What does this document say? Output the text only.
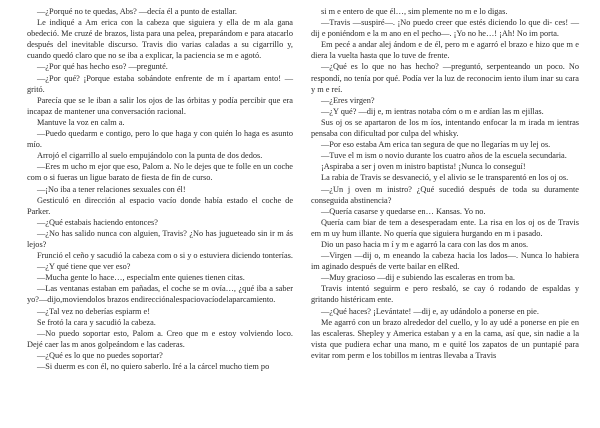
—¿Porqué no te quedas, Abs? —decía él a punto de estallar.

Le indiqué a Am erica con la cabeza que siguiera y ella de m ala gana obedeció. Me cruzé de brazos, lista para una pelea, preparándom e para atacarlo después del inevitable discurso. Travis dio varias caladas a su cigarrillo y, cuando quedó claro que no se iba a explicar, la paciencia se m e agotó.

—¿Por qué has hecho eso? —pregunté.

—¿Por qué? ¡Porque estaba sobándote enfrente de m í apartam ento! —gritó.

Parecía que se le iban a salir los ojos de las órbitas y podía percibir que era incapaz de mantener una conversación racional.

Mantuve la voz en calm a.

—Puedo quedarm e contigo, pero lo que haga y con quién lo haga es asunto mío.

Arrojó el cigarrillo al suelo empujándolo con la punta de dos dedos.

—Eres m ucho m ejor que eso, Palom a. No le dejes que te folle en un coche com o si fueras un ligue barato de fiesta de fin de curso.

—¡No iba a tener relaciones sexuales con él!

Gesticuló en dirección al espacio vacío donde había estado el coche de Parker.

—¿Qué estabais haciendo entonces?

—¿No has salido nunca con alguien, Travis? ¿No has jugueteado sin ir m ás lejos?

Frunció el ceño y sacudió la cabeza com o si y o estuviera diciendo tonterías.

—¿Y qué tiene que ver eso?

—Mucha gente lo hace…, especialm ente quienes tienen citas.

—Las ventanas estaban em pañadas, el coche se m ovía…, ¿qué iba a saber yo?—dijo,moviendolos brazos endirecciónalespaciovacíodelaparcamiento.

—¿Tal vez no deberías espiarm e!

Se frotó la cara y sacudió la cabeza.

—No puedo soportar esto, Palom a. Creo que m e estoy volviendo loco. Dejé caer las m anos golpeándom e las caderas.

—¿Qué es lo que no puedes soportar?

—Si duerm es con él, no quiero saberlo. Iré a la cárcel mucho tiem po

si m e entero de que él…, sim plemente no m e lo digas.

—Travis —suspiré—. ¡No puedo creer que estés diciendo lo que di- ces! —dij e poniéndom e la m ano en el pecho—. ¡Yo no he…! ¡Ah! No im porta.

Em pecé a andar alej ándom e de él, pero m e agarró el brazo e hizo que m e diera la vuelta hasta que lo tuve de frente.

—¿Qué es lo que no has hecho? —preguntó, serpenteando un poco. No respondí, no tenía por qué. Podía ver la luz de reconocim iento ilum inar su cara y m e reí.

—¿Eres virgen?

—¿Y qué? —dij e, m ientras notaba cóm o m e ardían las m ejillas.

Sus oj os se apartaron de los m íos, intentando enfocar la m irada m ientras pensaba con dificultad por culpa del whisky.

—Por eso estaba Am erica tan segura de que no llegarías m uy lej os.

—Tuve el m ism o novio durante los cuatro años de la escuela secundaria.

¡Aspiraba a ser j oven m inistro baptista! ¡Nunca lo conseguí!

La rabia de Travis se desvaneció, y el alivio se le transparentó en los oj os.

—¿Un j oven m inistro? ¿Qué sucedió después de toda su duramente conseguida abstinencia?

—Quería casarse y quedarse en… Kansas. Yo no.

Quería cam biar de tem a desesperadam ente. La risa en los oj os de Travis em m uy hum illante. No quería que siguiera hurgando en m i pasado.

Dio un paso hacia m í y m e agarró la cara con las dos m anos.

—Virgen —dij o, m eneando la cabeza hacia los lados—. Nunca lo habiera im aginado después de verte bailar en elRed.

—Muy gracioso —dij e subiendo las escaleras en trom ba.

Travis intentó seguirm e pero resbaló, se cay ó rodando de espaldas y gritando histéricam ente.

—¿Qué haces? ¡Levántate! —dij e, ay udándolo a ponerse en pie.

Me agarró con un brazo alrededor del cuello, y lo ay udé a ponerse en pie en las escaleras. Shepley y America estaban y a en la cama, así que, sin nadie a la vista que pudiera echar una mano, m e quité los zapatos de un puntapié para evitar rom perm e los tobillos m ientras llevaba a Travis
